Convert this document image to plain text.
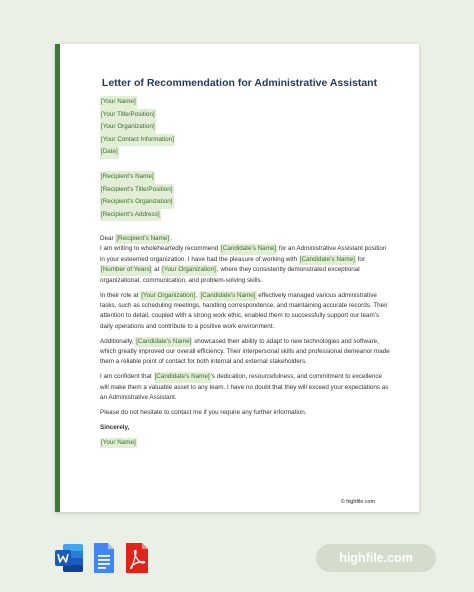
Letter of Recommendation for Administrative Assistant
[Your Name]
[Your Title/Position]
[Your Organization]
[Your Contact Information]
[Date]
[Recipient's Name]
[Recipient's Title/Position]
[Recipient's Organization]
[Recipient's Address]

Dear [Recipient's Name],

I am writing to wholeheartedly recommend [Candidate's Name] for an Administrative Assistant position in your esteemed organization. I have had the pleasure of working with [Candidate's Name] for [Number of Years] at [Your Organization], where they consistently demonstrated exceptional organizational, communication, and problem-solving skills.

In their role at [Your Organization], [Candidate's Name] effectively managed various administrative tasks, such as scheduling meetings, handling correspondence, and maintaining accurate records. Their attention to detail, coupled with a strong work ethic, enabled them to successfully support our team's daily operations and contribute to a positive work environment.

Additionally, [Candidate's Name] showcased their ability to adapt to new technologies and software, which greatly improved our overall efficiency. Their interpersonal skills and professional demeanor made them a reliable point of contact for both internal and external stakeholders.

I am confident that [Candidate's Name]'s dedication, resourcefulness, and commitment to excellence will make them a valuable asset to any team. I have no doubt that they will exceed your expectations as an Administrative Assistant.

Please do not hesitate to contact me if you require any further information.

Sincerely,

[Your Name]

© highfile.com
highfile.com
